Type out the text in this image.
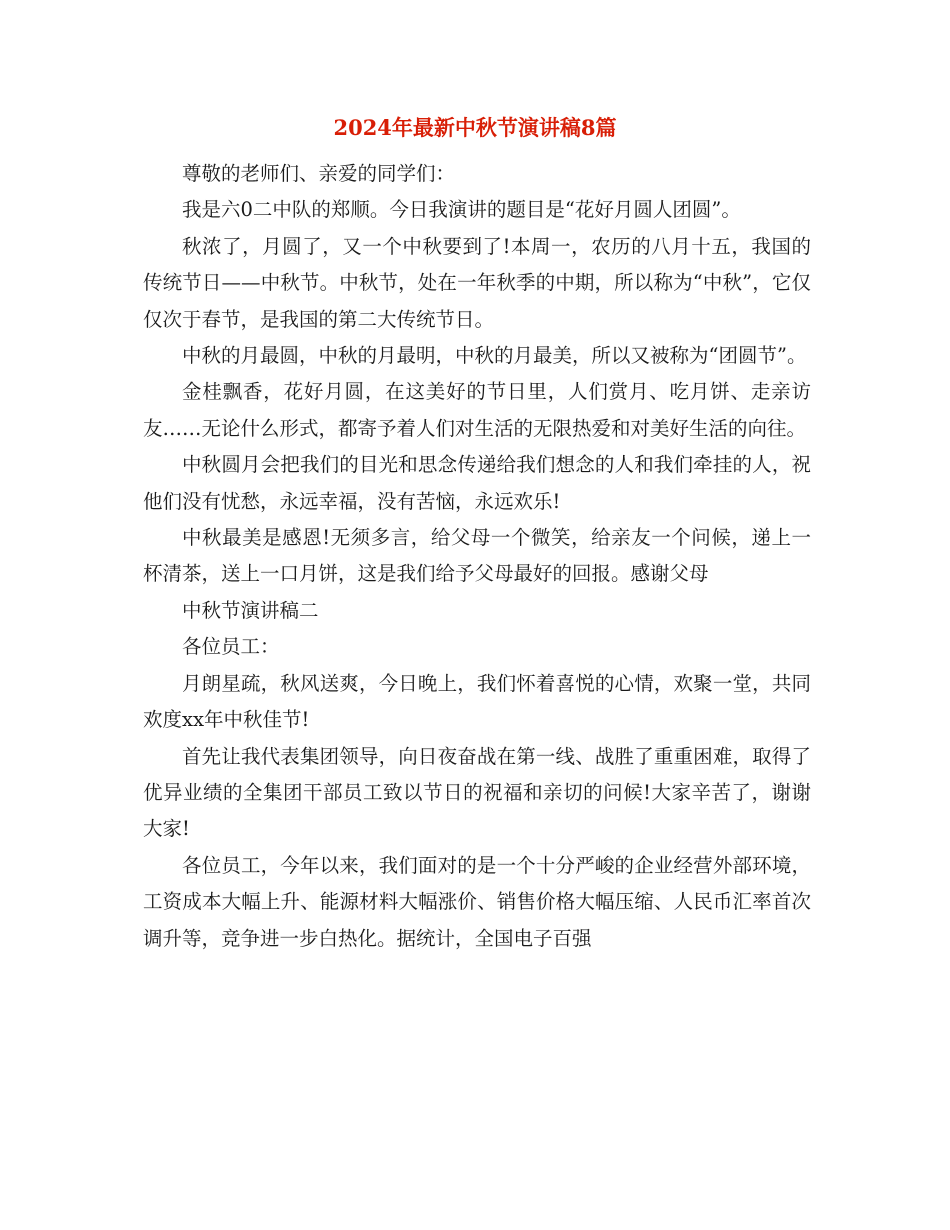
2024年最新中秋节演讲稿8篇

尊敬的老师们、亲爱的同学们：

我是六0二中队的郑顺。今日我演讲的题目是“花好月圆人团圆”。

秋浓了，月圆了，又一个中秋要到了!本周一，农历的八月十五，我国的传统节日——中秋节。中秋节，处在一年秋季的中期，所以称为“中秋”，它仅仅次于春节，是我国的第二大传统节日。

中秋的月最圆，中秋的月最明，中秋的月最美，所以又被称为“团圆节”。

金桂飘香，花好月圆，在这美好的节日里，人们赏月、吃月饼、走亲访友……无论什么形式，都寄予着人们对生活的无限热爱和对美好生活的向往。

中秋圆月会把我们的目光和思念传递给我们想念的人和我们牵挂的人，祝他们没有忧愁，永远幸福，没有苦恼，永远欢乐!

中秋最美是感恩!无须多言，给父母一个微笑，给亲友一个问候，递上一杯清茶，送上一口月饼，这是我们给予父母最好的回报。感谢父母

中秋节演讲稿二

各位员工：

月朗星疏，秋风送爽，今日晚上，我们怀着喜悦的心情，欢聚一堂，共同欢度xx年中秋佳节!

首先让我代表集团领导，向日夜奋战在第一线、战胜了重重困难，取得了优异业绩的全集团干部员工致以节日的祝福和亲切的问候!大家辛苦了，谢谢大家!

各位员工，今年以来，我们面对的是一个十分严峻的企业经营外部环境，工资成本大幅上升、能源材料大幅涨价、销售价格大幅压缩、人民币汇率首次调升等，竞争进一步白热化。据统计，全国电子百强
